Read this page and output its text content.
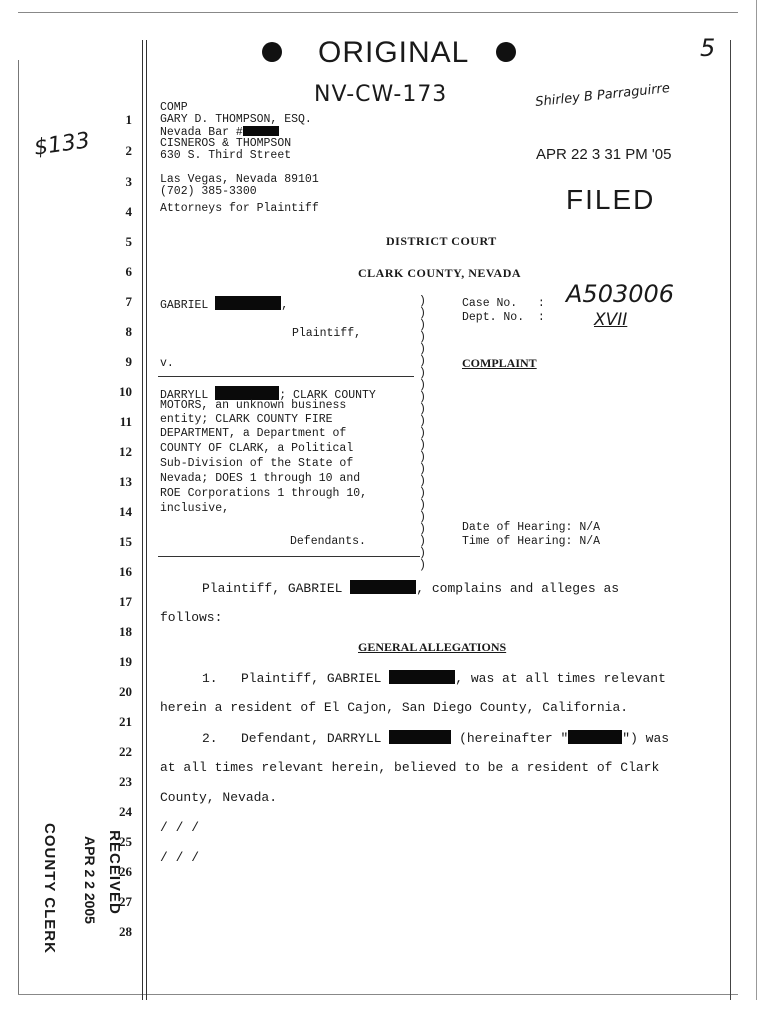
ORIGINAL	5
NV-CW-173	Shirley B Parraguirre
$133	APR 22 3 31 PM '05
FILED
COMP
GARY D. THOMPSON, ESQ.
Nevada Bar #
CISNEROS & THOMPSON
630 S. Third Street
Las Vegas, Nevada 89101
(702) 385-3300
Attorneys for Plaintiff
DISTRICT COURT
CLARK COUNTY, NEVADA
GABRIEL	,
Plaintiff,
v.
DARRYLL	; CLARK COUNTY
MOTORS, an unknown business
entity; CLARK COUNTY FIRE
DEPARTMENT, a Department of
COUNTY OF CLARK, a Political
Sub-Division of the State of
Nevada; DOES 1 through 10 and
ROE Corporations 1 through 10,
inclusive,
Defendants.
)
)
)
)
)
)
)
)
)
)
)
)
)
)
)
)
)
)
)
)
)
)
)
Case No.   : A503006
Dept. No.  :	XVII
COMPLAINT
Date of Hearing: N/A
Time of Hearing: N/A
Plaintiff, GABRIEL	, complains and alleges as
follows:
GENERAL ALLEGATIONS
1.   Plaintiff, GABRIEL	, was at all times relevant
herein a resident of El Cajon, San Diego County, California.
2.   Defendant, DARRYLL	(hereinafter "	") was
at all times relevant herein, believed to be a resident of Clark
County, Nevada.
/ / /
/ / /
1
2
3
4
5
6
7
8
9
10
11
12
13
14
15
16
17
18
19
20
21
22
23
24
25
26
27
28
COUNTY CLERK APR 2 2 2005 RECEIVED
